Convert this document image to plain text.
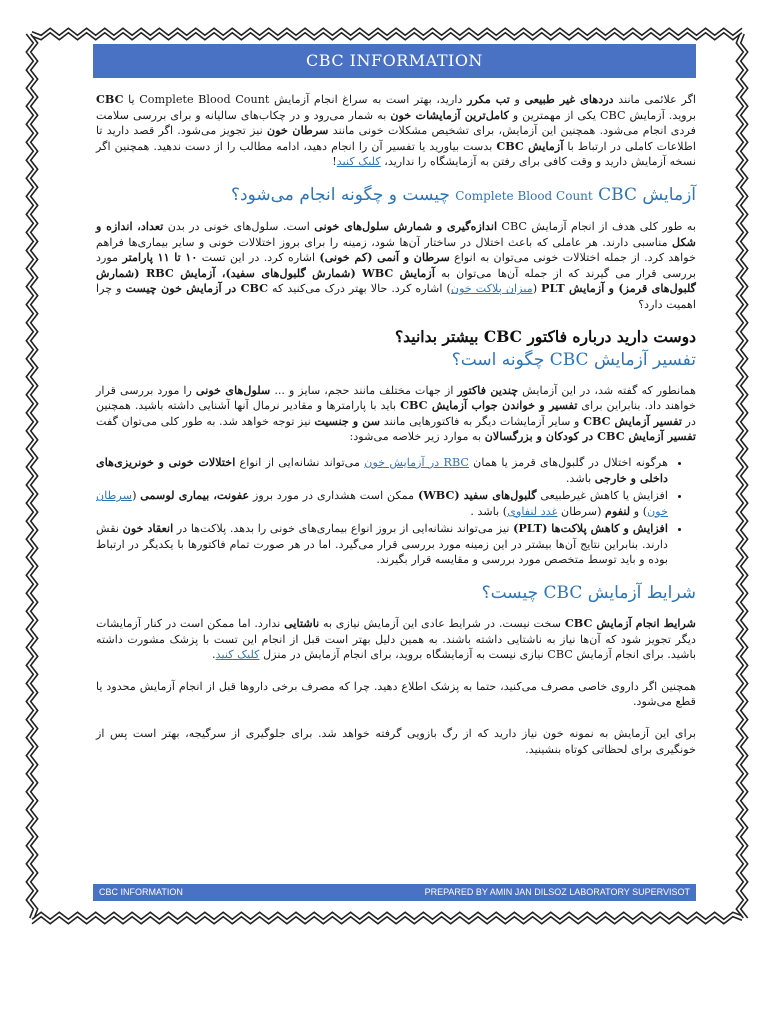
CBC INFORMATION

اگر علائمی مانند دردهای غیر طبیعی و تب مکرر دارید، بهتر است به سراغ انجام آزمایش Complete Blood Count یا CBC بروید. آزمایش CBC یکی از مهمترین و کامل‌ترین آزمایشات خون به شمار می‌رود و در چکاب‌های سالیانه و برای بررسی سلامت فردی انجام می‌شود. همچنین این آزمایش، برای تشخیص مشکلات خونی مانند سرطان خون نیز تجویز می‌شود. اگر قصد دارید تا اطلاعات کاملی در ارتباط با آزمایش CBC بدست بیاورید یا تفسیر آن را انجام دهید، ادامه مطالب را از دست ندهید. همچنین اگر نسخه آزمایش دارید و وقت کافی برای رفتن به آزمایشگاه را ندارید، کلیک کنید!

آزمایش CBC Complete Blood Count چیست و چگونه انجام می‌شود؟

به طور کلی هدف از انجام آزمایش CBC اندازه‌گیری و شمارش سلول‌های خونی است. سلول‌های خونی در بدن تعداد، اندازه و شکل مناسبی دارند. هر عاملی که باعث اختلال در ساختار آن‌ها شود، زمینه را برای بروز اختلالات خونی و سایر بیماری‌ها فراهم خواهد کرد. از جمله اختلالات خونی می‌توان به انواع سرطان و آنمی (کم خونی) اشاره کرد. در این تست ۱۰ تا ۱۱ پارامتر مورد بررسی قرار می گیرند که از جمله آن‌ها می‌توان به آزمایش WBC (شمارش گلبول‌های سفید)، آزمایش RBC (شمارش گلبول‌های قرمز) و آزمایش PLT (میزان پلاکت خون) اشاره کرد. حالا بهتر درک می‌کنید که CBC در آزمایش خون چیست و چرا اهمیت دارد؟

دوست دارید درباره فاکتور CBC بیشتر بدانید؟
تفسیر آزمایش CBC چگونه است؟

همانطور که گفته شد، در این آزمایش چندین فاکتور از جهات مختلف مانند حجم، سایز و ... سلول‌های خونی را مورد بررسی قرار خواهند داد. بنابراین برای تفسیر و خواندن جواب آزمایش CBC باید با پارامترها و مقادیر نرمال آنها آشنایی داشته باشید. همچنین در تفسیر آزمایش CBC و سایر آزمایشات دیگر به فاکتورهایی مانند سن و جنسیت نیز توجه خواهد شد. به طور کلی می‌توان گفت تفسیر آزمایش CBC در کودکان و بزرگسالان به موارد زیر خلاصه می‌شود:

• هرگونه اختلال در گلبول‌های قرمز یا همان RBC در آزمایش خون می‌تواند نشانه‌ایی از انواع اختلالات خونی و خونریزی‌های داخلی و خارجی باشد.
• افزایش یا کاهش غیرطبیعی گلبول‌های سفید (WBC) ممکن است هشداری در مورد بروز عفونت، بیماری لوسمی (سرطان خون) و لنفوم (سرطان غدد لنفاوی) باشد .
• افزایش و کاهش پلاکت‌ها (PLT) نیز می‌تواند نشانه‌ایی از بروز انواع بیماری‌های خونی را بدهد. پلاکت‌ها در انعقاد خون نقش دارند. بنابراین نتایج آن‌ها بیشتر در این زمینه مورد بررسی قرار می‌گیرد. اما در هر صورت تمام فاکتورها با یکدیگر در ارتباط بوده و باید توسط متخصص مورد بررسی و مقایسه قرار بگیرند.
شرایط آزمایش CBC چیست؟

شرایط انجام آزمایش CBC سخت نیست. در شرایط عادی این آزمایش نیازی به ناشتایی ندارد. اما ممکن است در کنار آزمایشات دیگر تجویز شود که آن‌ها نیاز به ناشتایی داشته باشند. به همین دلیل بهتر است قبل از انجام این تست با پزشک مشورت داشته باشید. برای انجام آزمایش CBC نیازی نیست به آزمایشگاه بروید، برای انجام آزمایش در منزل کلیک کنید.

همچنین اگر داروی خاصی مصرف می‌کنید، حتما به پزشک اطلاع دهید. چرا که مصرف برخی داروها قبل از انجام آزمایش محدود یا قطع می‌شود.

برای این آزمایش به نمونه خون نیاز دارید که از رگ بازویی گرفته خواهد شد. برای جلوگیری از سرگیجه، بهتر است پس از خونگیری برای لحظاتی کوتاه بنشینید.

CBC INFORMATION	PREPARED BY AMIN JAN DILSOZ LABORATORY SUPERVISOT
